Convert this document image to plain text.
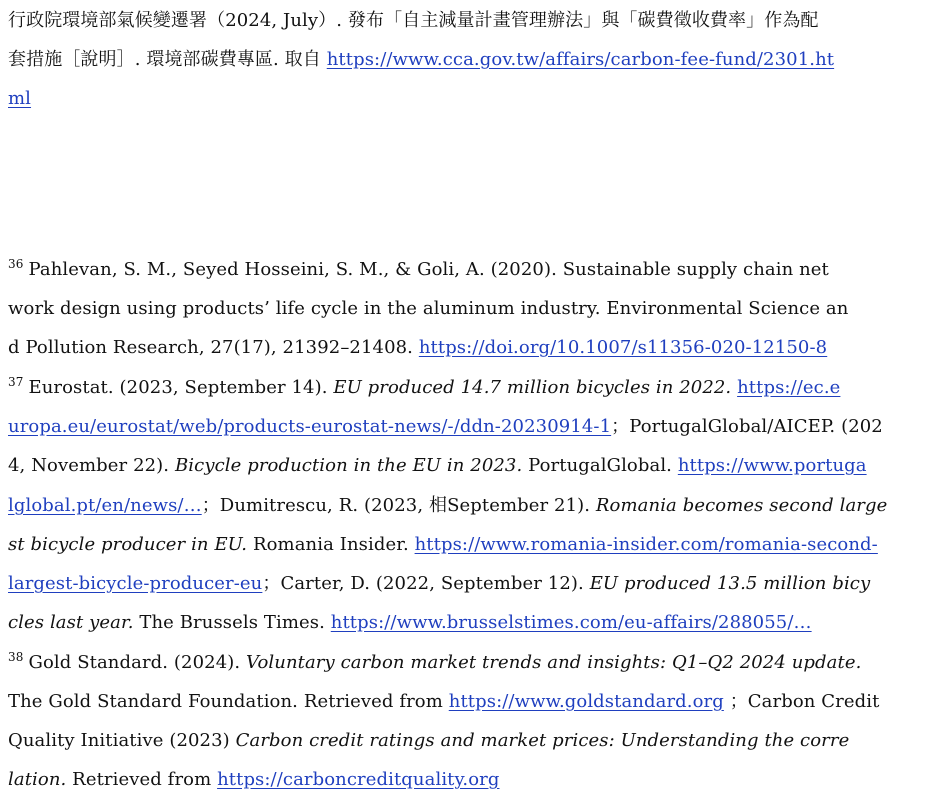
行政院環境部氣候變遷署（2024, July）. 發布「自主減量計畫管理辦法」與「碳費徵收費率」作為配
套措施［說明］. 環境部碳費專區. 取自 https://www.cca.gov.tw/affairs/carbon-fee-fund/2301.ht
ml
$^{36}$ Pahlevan, S. M., Seyed Hosseini, S. M., & Goli, A. (2020). Sustainable supply chain net
work design using products’ life cycle in the aluminum industry. Environmental Science an
d Pollution Research, 27(17), 21392–21408. https://doi.org/10.1007/s11356-020-12150-8
$^{37}$ Eurostat. (2023, September 14). EU produced 14.7 million bicycles in 2022. https://ec.e
uropa.eu/eurostat/web/products-eurostat-news/-/ddn-20230914-1；PortugalGlobal/AICEP. (202
4, November 22). Bicycle production in the EU in 2023. PortugalGlobal. https://www.portuga
lglobal.pt/en/news/…；Dumitrescu, R. (2023, 相September 21). Romania becomes second large
st bicycle producer in EU. Romania Insider. https://www.romania-insider.com/romania-second-
largest-bicycle-producer-eu；Carter, D. (2022, September 12). EU produced 13.5 million bicy
cles last year. The Brussels Times. https://www.brusselstimes.com/eu-affairs/288055/…
$^{38}$ Gold Standard. (2024). Voluntary carbon market trends and insights: Q1–Q2 2024 update.
The Gold Standard Foundation. Retrieved from https://www.goldstandard.org ；Carbon Credit
Quality Initiative (2023) Carbon credit ratings and market prices: Understanding the corre
lation. Retrieved from https://carboncreditquality.org
